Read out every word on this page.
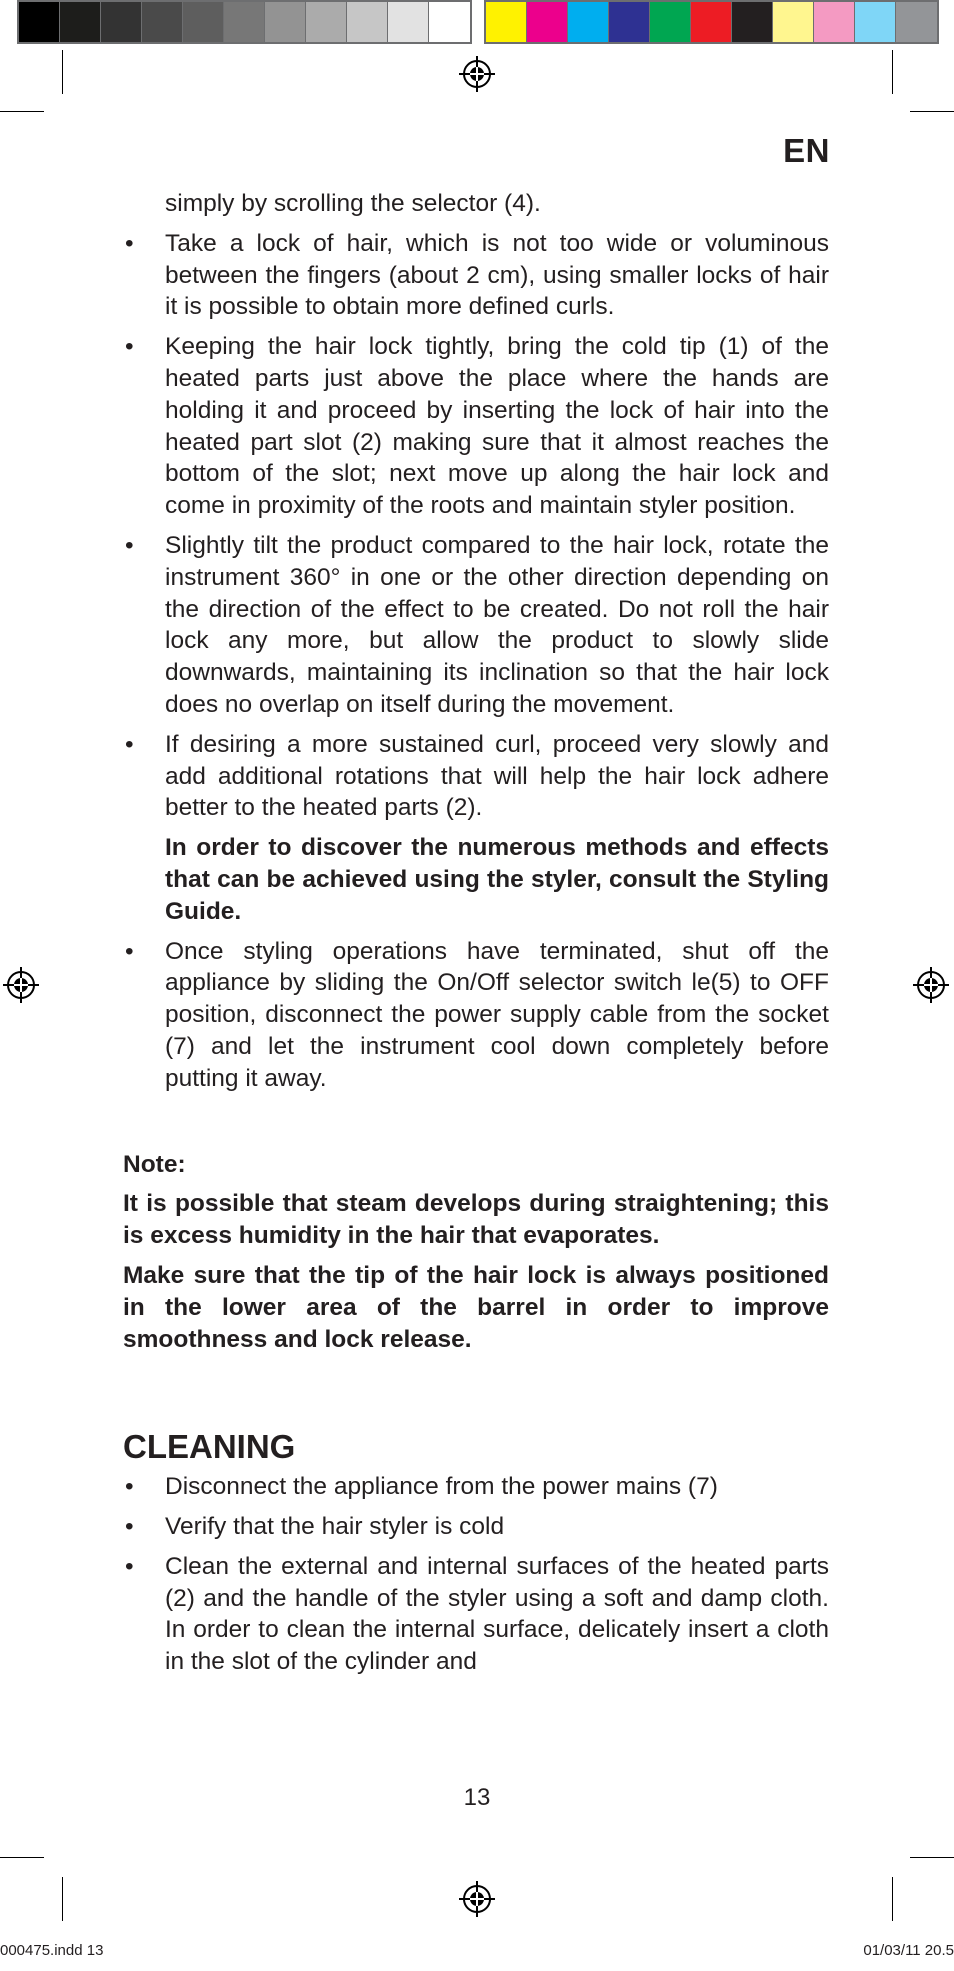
EN

simply by scrolling the selector (4).

• Take a lock of hair, which is not too wide or voluminous between the fingers (about 2 cm), using smaller locks of hair it is possible to obtain more defined curls.
• Keeping the hair lock tightly, bring the cold tip (1) of the heated parts just above the place where the hands are holding it and proceed by inserting the lock of hair into the heated part slot (2) making sure that it almost reaches the bottom of the slot; next move up along the hair lock and come in proximity of the roots and maintain styler position.
• Slightly tilt the product compared to the hair lock, rotate the instrument 360° in one or the other direction depending on the direction of the effect to be created. Do not roll the hair lock any more, but allow the product to slowly slide downwards, maintaining its inclination so that the hair lock does no overlap on itself during the movement.
• If desiring a more sustained curl, proceed very slowly and add additional rotations that will help the hair lock adhere better to the heated parts (2).

In order to discover the numerous methods and effects that can be achieved using the styler, consult the Styling Guide.

• Once styling operations have terminated, shut off the appliance by sliding the On/Off selector switch le(5) to OFF position, disconnect the power supply cable from the socket (7) and let the instrument cool down completely before putting it away.

Note:

It is possible that steam develops during straightening; this is excess humidity in the hair that evaporates.

Make sure that the tip of the hair lock is always positioned in the lower area of the barrel in order to improve smoothness and lock release.

CLEANING
• Disconnect the appliance from the power mains (7)
• Verify that the hair styler is cold
• Clean the external and internal surfaces of the heated parts (2) and the handle of the styler using a soft and damp cloth. In order to clean the internal surface, delicately insert a cloth in the slot of the cylinder and
13
000475.indd 13	01/03/11 20.5
